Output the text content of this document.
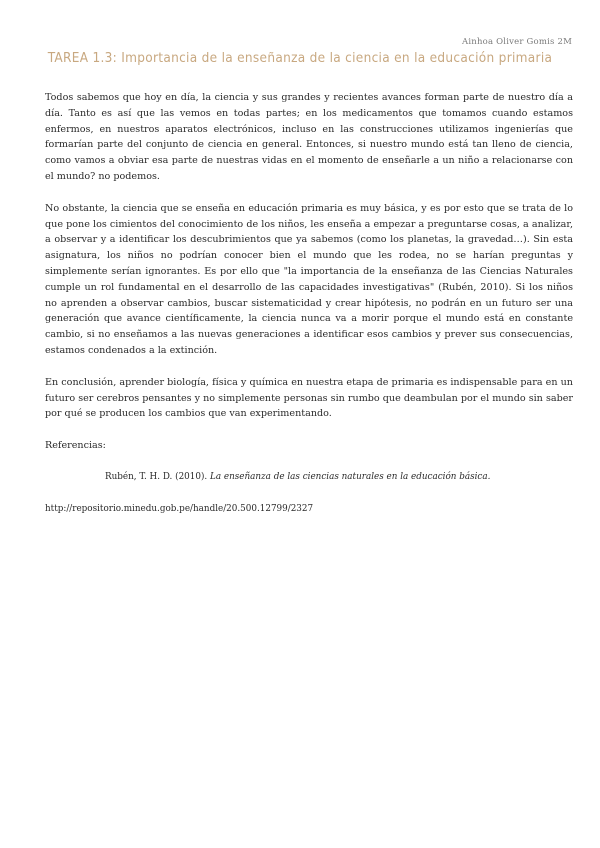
Ainhoa Oliver Gomis 2M
TAREA 1.3: Importancia de la enseñanza de la ciencia en la educación primaria

Todos sabemos que hoy en día, la ciencia y sus grandes y recientes avances forman parte de nuestro día a día. Tanto es así que las vemos en todas partes; en los medicamentos que tomamos cuando estamos enfermos, en nuestros aparatos electrónicos, incluso en las construcciones utilizamos ingenierías que formarían parte del conjunto de ciencia en general. Entonces, si nuestro mundo está tan lleno de ciencia, como vamos a obviar esa parte de nuestras vidas en el momento de enseñarle a un niño a relacionarse con el mundo? no podemos.

No obstante, la ciencia que se enseña en educación primaria es muy básica, y es por esto que se trata de lo que pone los cimientos del conocimiento de los niños, les enseña a empezar a preguntarse cosas, a analizar, a observar y a identificar los descubrimientos que ya sabemos (como los planetas, la gravedad…). Sin esta asignatura, los niños no podrían conocer bien el mundo que les rodea, no se harían preguntas y simplemente serían ignorantes. Es por ello que "la importancia de la enseñanza de las Ciencias Naturales cumple un rol fundamental en el desarrollo de las capacidades investigativas" (Rubén, 2010). Si los niños no aprenden a observar cambios, buscar sistematicidad y crear hipótesis, no podrán en un futuro ser una generación que avance científicamente, la ciencia nunca va a morir porque el mundo está en constante cambio, si no enseñamos a las nuevas generaciones a identificar esos cambios y prever sus consecuencias, estamos condenados a la extinción.

En conclusión, aprender biología, física y química en nuestra etapa de primaria es indispensable para en un futuro ser cerebros pensantes y no simplemente personas sin rumbo que deambulan por el mundo sin saber por qué se producen los cambios que van experimentando.

Referencias:

Rubén, T. H. D. (2010). La enseñanza de las ciencias naturales en la educación básica.

http://repositorio.minedu.gob.pe/handle/20.500.12799/2327
